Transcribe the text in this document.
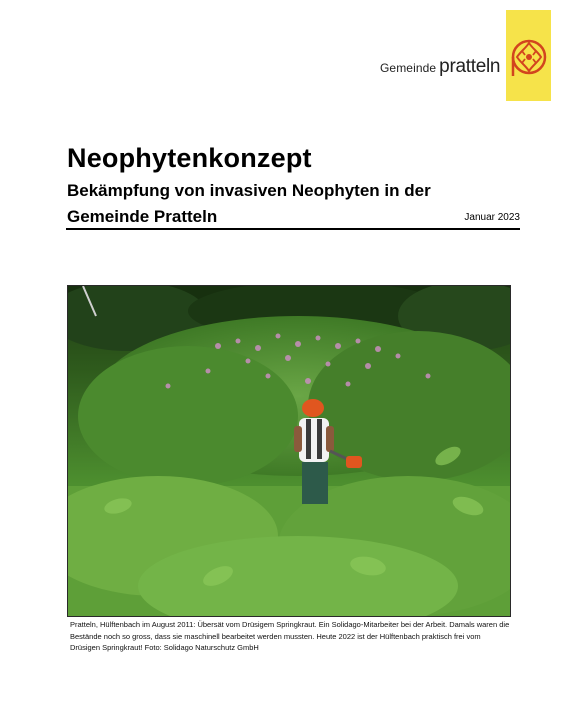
Gemeinde pratteln
Neophytenkonzept
Bekämpfung von invasiven Neophyten in der Gemeinde Pratteln	Januar 2023

Pratteln, Hülftenbach im August 2011: Übersät vom Drüsigem Springkraut. Ein Solidago-Mitarbeiter bei der Arbeit. Damals waren die Bestände noch so gross, dass sie maschinell bearbeitet werden mussten. Heute 2022 ist der Hülftenbach praktisch frei vom Drüsigen Springkraut! Foto: Solidago Naturschutz GmbH
